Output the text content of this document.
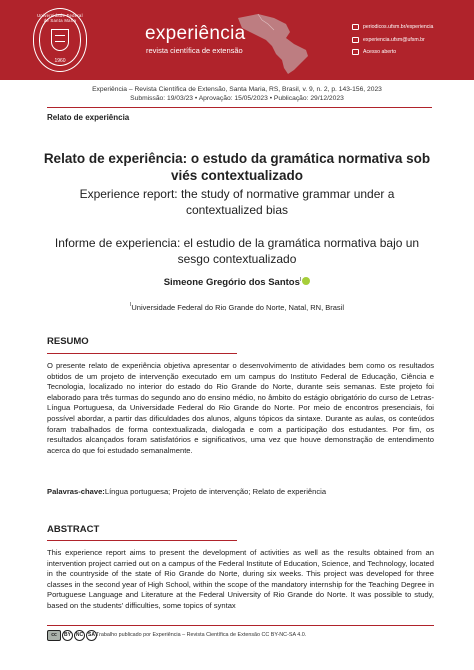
Universidade Federal de Santa Maria
1960
experiência
revista científica de extensão
periodicos.ufsm.br/experiencia
experiencia.ufsm@ufsm.br
Acesso aberto
Experiência – Revista Científica de Extensão, Santa Maria, RS, Brasil, v. 9, n. 2, p. 143-156, 2023
Submissão: 19/03/23 • Aprovação: 15/05/2023 • Publicação: 29/12/2023
Relato de experiência
Relato de experiência: o estudo da gramática normativa sob viés contextualizado
Experience report: the study of normative grammar under a contextualized bias
Informe de experiencia: el estudio de la gramática normativa bajo un sesgo contextualizado
Simeone Gregório dos Santos$^I$
$^I$Universidade Federal do Rio Grande do Norte, Natal, RN, Brasil
RESUMO
O presente relato de experiência objetiva apresentar o desenvolvimento de atividades bem como os resultados obtidos de um projeto de intervenção executado em um campus do Instituto Federal de Educação, Ciência e Tecnologia, localizado no interior do estado do Rio Grande do Norte, durante seis semanas. Este projeto foi elaborado para três turmas do segundo ano do ensino médio, no âmbito do estágio obrigatório do curso de Letras-Língua Portuguesa, da Universidade Federal do Rio Grande do Norte. Por meio de encontros presenciais, foi possível abordar, a partir das dificuldades dos alunos, alguns tópicos da sintaxe. Durante as aulas, os conteúdos foram trabalhados de forma contextualizada, dialogada e com a participação dos estudantes. Por fim, os resultados alcançados foram satisfatórios e significativos, uma vez que houve demonstração de entendimento acerca do que foi estudado semanalmente.
Palavras-chave:Língua portuguesa; Projeto de intervenção; Relato de experiência
ABSTRACT
This experience report aims to present the development of activities as well as the results obtained from an intervention project carried out on a campus of the Federal Institute of Education, Science, and Technology, located in the countryside of the state of Rio Grande do Norte, during six weeks. This project was developed for three classes in the second year of High School, within the scope of the mandatory internship for the Teaching Degree in Portuguese Language and Literature at the Federal University of Rio Grande do Norte. It was possible to study, based on the students' difficulties, some topics of syntax
cc	BY NC SA Trabalho publicado por Experiência – Revista Científica de Extensão CC BY-NC-SA 4.0.
